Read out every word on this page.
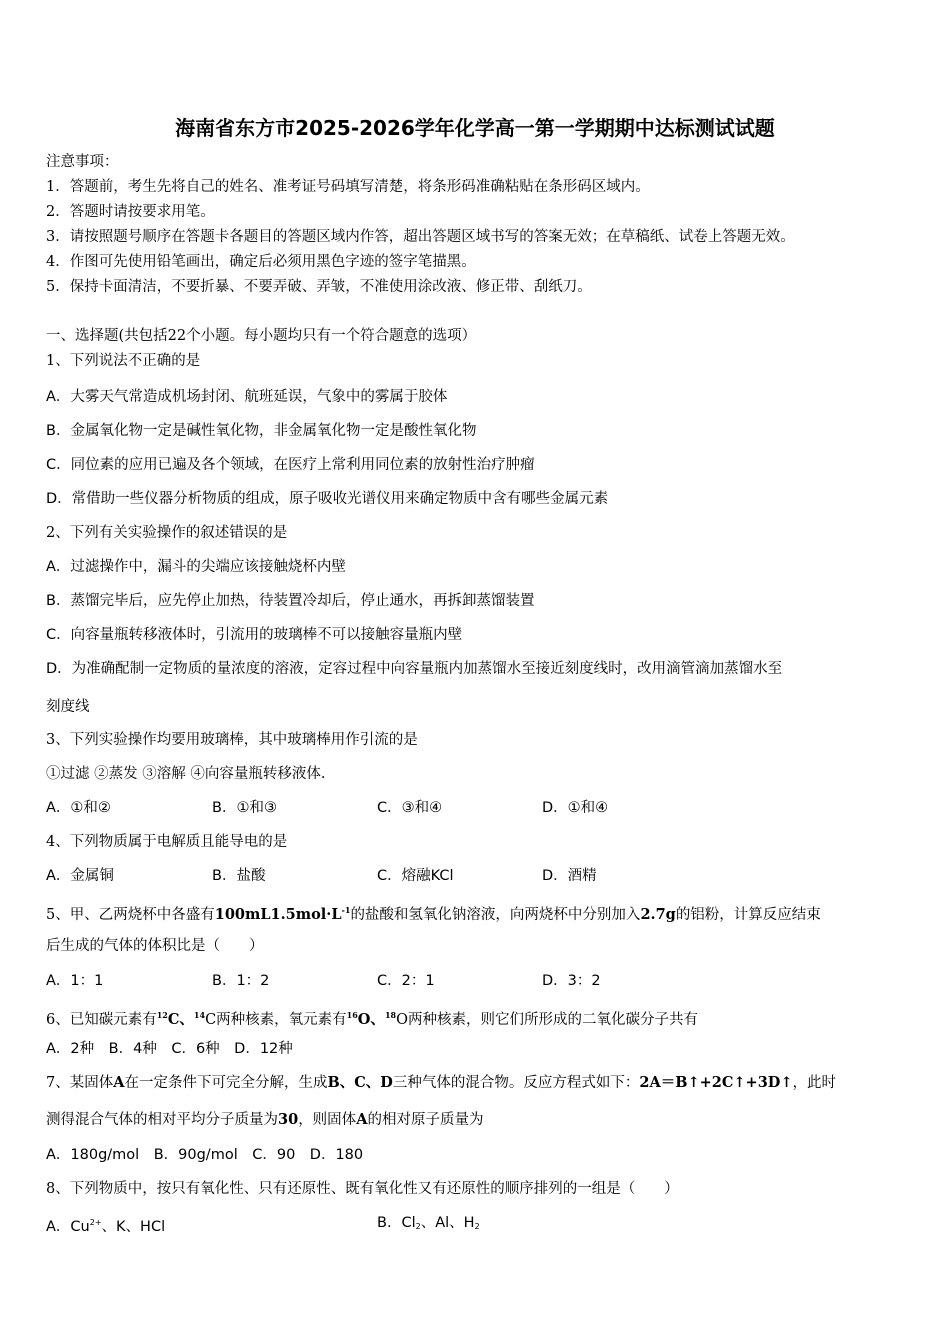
海南省东方市2025-2026学年化学高一第一学期期中达标测试试题
注意事项：
1．答题前，考生先将自己的姓名、准考证号码填写清楚，将条形码准确粘贴在条形码区域内。
2．答题时请按要求用笔。
3．请按照题号顺序在答题卡各题目的答题区域内作答，超出答题区域书写的答案无效；在草稿纸、试卷上答题无效。
4．作图可先使用铅笔画出，确定后必须用黑色字迹的签字笔描黑。
5．保持卡面清洁，不要折暴、不要弄破、弄皱，不准使用涂改液、修正带、刮纸刀。
一、选择题(共包括22个小题。每小题均只有一个符合题意的选项）
1、下列说法不正确的是
A．大雾天气常造成机场封闭、航班延误，气象中的雾属于胶体
B．金属氧化物一定是碱性氧化物，非金属氧化物一定是酸性氧化物
C．同位素的应用已遍及各个领域，在医疗上常利用同位素的放射性治疗肿瘤
D．常借助一些仪器分析物质的组成，原子吸收光谱仪用来确定物质中含有哪些金属元素
2、下列有关实验操作的叙述错误的是
A．过滤操作中，漏斗的尖端应该接触烧杯内壁
B．蒸馏完毕后，应先停止加热，待装置冷却后，停止通水，再拆卸蒸馏装置
C．向容量瓶转移液体时，引流用的玻璃棒不可以接触容量瓶内壁
D．为准确配制一定物质的量浓度的溶液，定容过程中向容量瓶内加蒸馏水至接近刻度线时，改用滴管滴加蒸馏水至
刻度线
3、下列实验操作均要用玻璃棒，其中玻璃棒用作引流的是
①过滤 ②蒸发 ③溶解 ④向容量瓶转移液体.
A．①和②	B．①和③	C．③和④	D．①和④
4、下列物质属于电解质且能导电的是
A．金属铜	B．盐酸	C．熔融KCl	D．酒精
5、甲、乙两烧杯中各盛有$100mL1.5mol\cdot L^{-1}$的盐酸和氢氧化钠溶液，向两烧杯中分别加入2.7g的铝粉，计算反应结束
后生成的气体的体积比是（　　）
A．1：1	B．1：2	C．2：1	D．3：2
6、已知碳元素有$^{12}$C、$^{14}$C两种核素，氧元素有$^{16}$O、$^{18}$O两种核素，则它们所形成的二氧化碳分子共有
A．2种　B．4种　C．6种　D．12种
7、某固体A在一定条件下可完全分解，生成B、C、D三种气体的混合物。反应方程式如下：2A＝B↑+2C↑+3D↑，此时
测得混合气体的相对平均分子质量为30，则固体A的相对原子质量为
A．180g/mol　B．90g/mol　C．90　D．180
8、下列物质中，按只有氧化性、只有还原性、既有氧化性又有还原性的顺序排列的一组是（　　）
A．$Cu^{2+}$、K、HCl	B．$Cl_2$、Al、$H_2$
